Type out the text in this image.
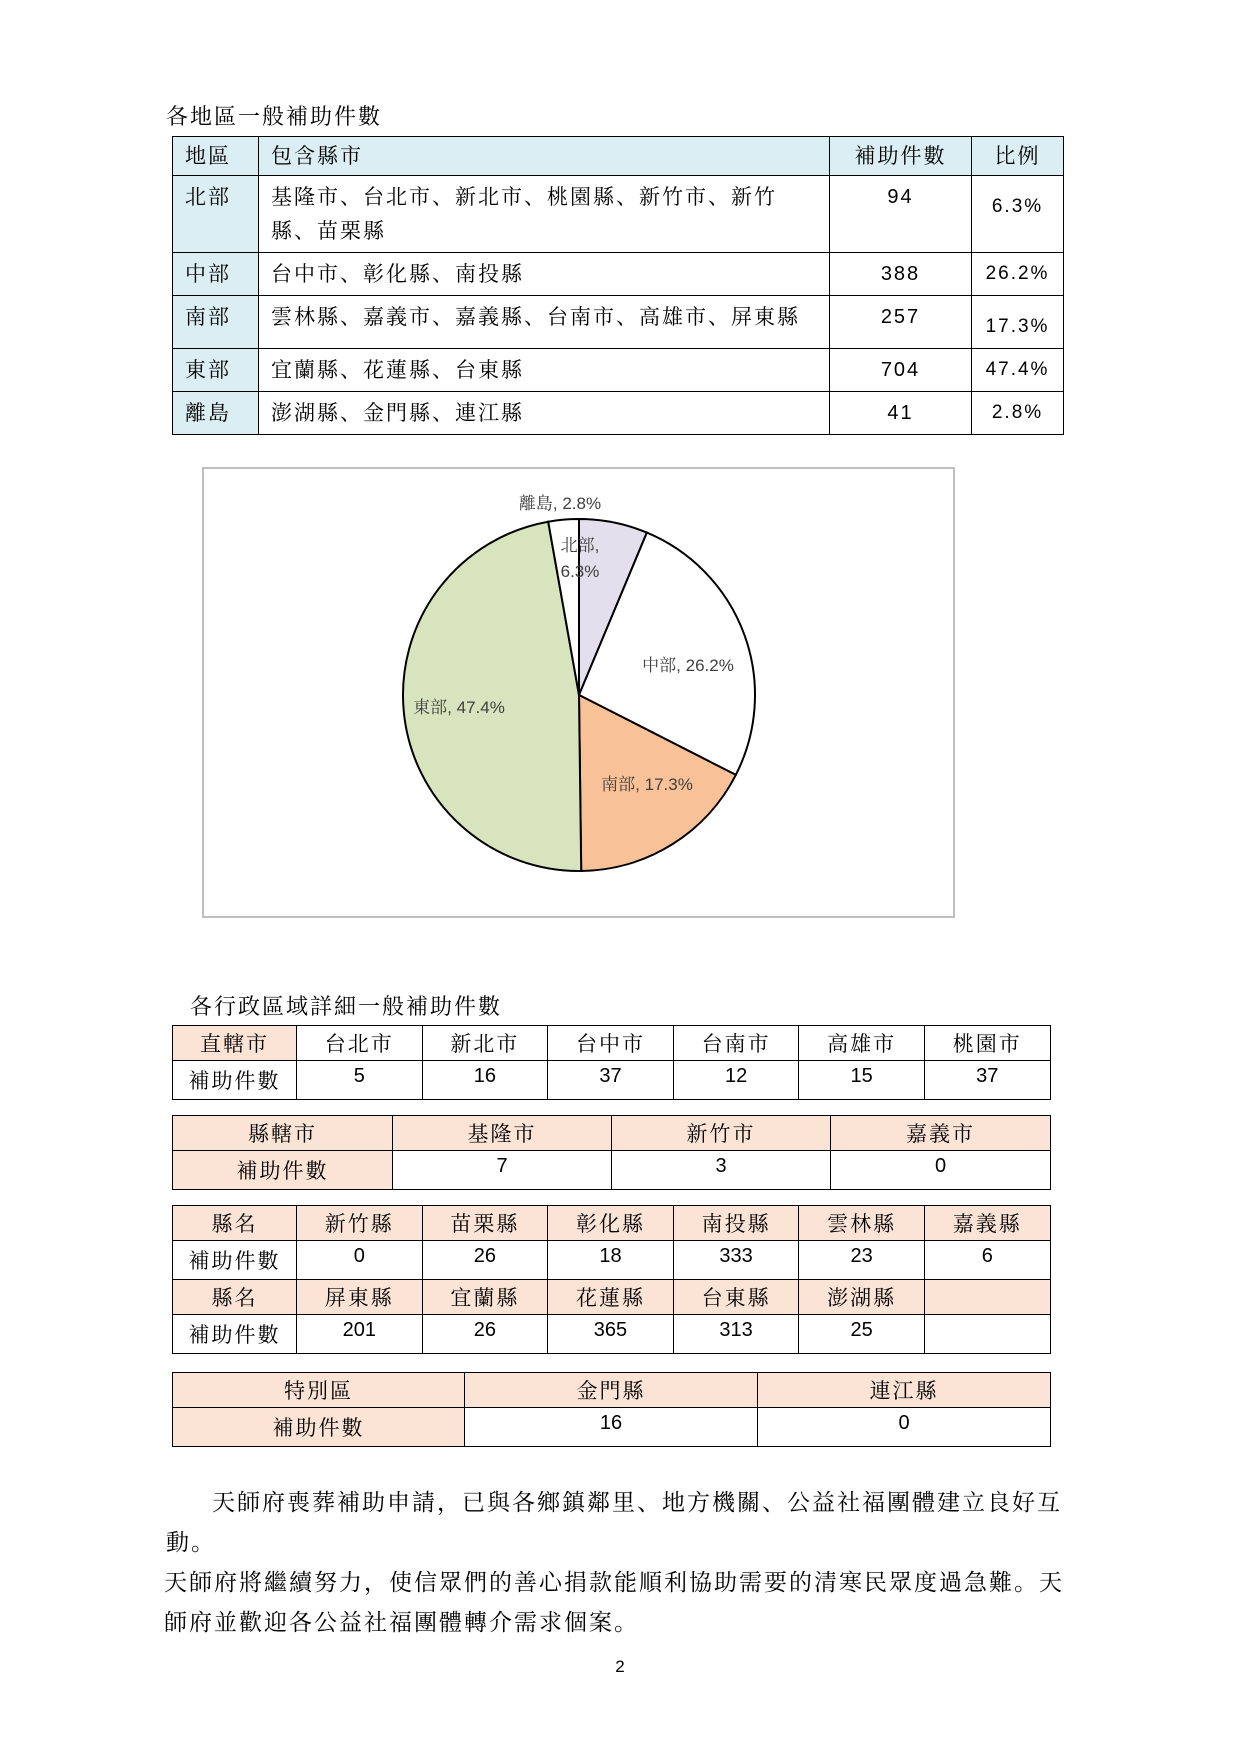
各地區一般補助件數
地區	包含縣市	補助件數	比例
北部	基隆市、台北市、新北市、桃園縣、新竹市、新竹縣、苗栗縣	94	6.3%
中部	台中市、彰化縣、南投縣	388	26.2%
南部	雲林縣、嘉義市、嘉義縣、台南市、高雄市、屏東縣	257	17.3%
東部	宜蘭縣、花蓮縣、台東縣	704	47.4%
離島	澎湖縣、金門縣、連江縣	41	2.8%
北部, 6.3%
中部, 26.2%
南部, 17.3%
東部, 47.4%
離島, 2.8%
各行政區域詳細一般補助件數
直轄市	台北市	新北市	台中市	台南市	高雄市	桃園市
補助件數	5	16	37	12	15	37
縣轄市	基隆市	新竹市	嘉義市
補助件數	7	3	0
縣名	新竹縣	苗栗縣	彰化縣	南投縣	雲林縣	嘉義縣
補助件數	0	26	18	333	23	6
縣名	屏東縣	宜蘭縣	花蓮縣	台東縣	澎湖縣	
補助件數	201	26	365	313	25	
特別區	金門縣	連江縣
補助件數	16	0

天師府喪葬補助申請，已與各鄉鎮鄰里、地方機關、公益社福團體建立良好互動。

天師府將繼續努力，使信眾們的善心捐款能順利協助需要的清寒民眾度過急難。天

師府並歡迎各公益社福團體轉介需求個案。

2
